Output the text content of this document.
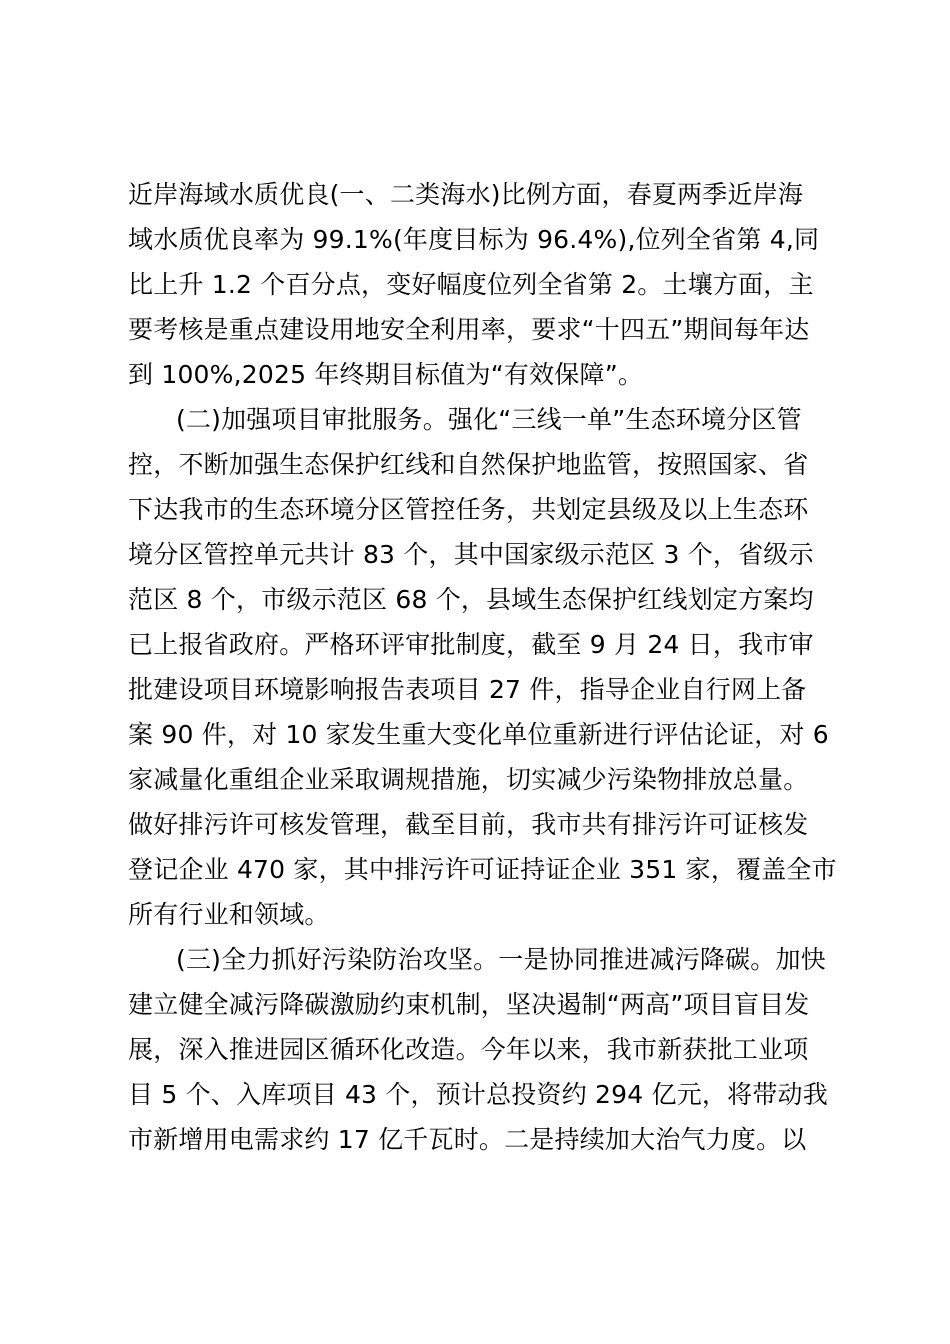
近岸海域水质优良(一、二类海水)比例方面，春夏两季近岸海
域水质优良率为 99.1%(年度目标为 96.4%),位列全省第 4,同
比上升 1.2 个百分点，变好幅度位列全省第 2。土壤方面，主
要考核是重点建设用地安全利用率，要求“十四五”期间每年达
到 100%,2025 年终期目标值为“有效保障”。
(二)加强项目审批服务。强化“三线一单”生态环境分区管
控，不断加强生态保护红线和自然保护地监管，按照国家、省
下达我市的生态环境分区管控任务，共划定县级及以上生态环
境分区管控单元共计 83 个，其中国家级示范区 3 个，省级示
范区 8 个，市级示范区 68 个，县域生态保护红线划定方案均
已上报省政府。严格环评审批制度，截至 9 月 24 日，我市审
批建设项目环境影响报告表项目 27 件，指导企业自行网上备
案 90 件，对 10 家发生重大变化单位重新进行评估论证，对 6
家减量化重组企业采取调规措施，切实减少污染物排放总量。
做好排污许可核发管理，截至目前，我市共有排污许可证核发
登记企业 470 家，其中排污许可证持证企业 351 家，覆盖全市
所有行业和领域。
(三)全力抓好污染防治攻坚。一是协同推进减污降碳。加快
建立健全减污降碳激励约束机制，坚决遏制“两高”项目盲目发
展，深入推进园区循环化改造。今年以来，我市新获批工业项
目 5 个、入库项目 43 个，预计总投资约 294 亿元，将带动我
市新增用电需求约 17 亿千瓦时。二是持续加大治气力度。以
